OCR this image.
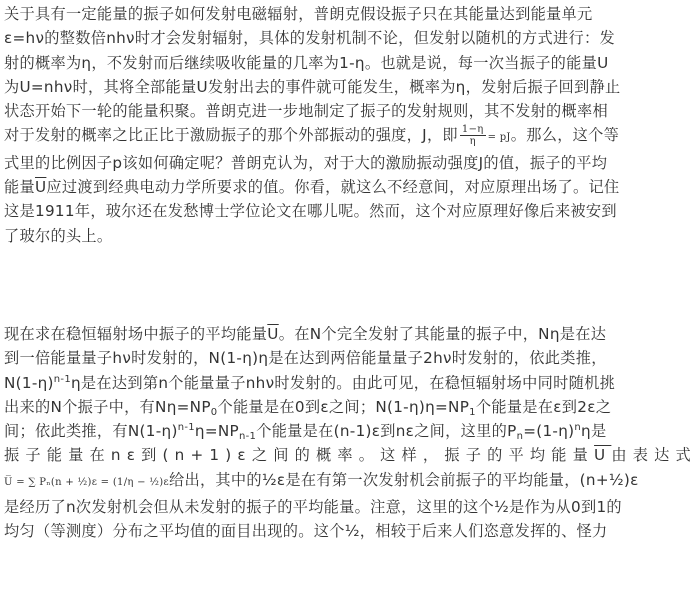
关于具有一定能量的振子如何发射电磁辐射，普朗克假设振子只在其能量达到能量单元

ε=hν的整数倍nhν时才会发射辐射，具体的发射机制不论，但发射以随机的方式进行：发

射的概率为η，不发射而后继续吸收能量的几率为1-η。也就是说，每一次当振子的能量U

为U=nhν时，其将全部能量U发射出去的事件就可能发生，概率为η，发射后振子回到静止

状态开始下一轮的能量积聚。普朗克进一步地制定了振子的发射规则，其不发射的概率相

对于发射的概率之比正比于激励振子的那个外部振动的强度，J，即 $\frac{1-\eta}{\eta}$ = pJ。那么，这个等

式里的比例因子p该如何确定呢？普朗克认为，对于大的激励振动强度J的值，振子的平均

能量$\overline{U}$应过渡到经典电动力学所要求的值。你看，就这么不经意间，对应原理出场了。记住

这是1911年，玻尔还在发愁博士学位论文在哪儿呢。然而，这个对应原理好像后来被安到

了玻尔的头上。

现在求在稳恒辐射场中振子的平均能量$\overline{U}$。在N个完全发射了其能量的振子中，Nη是在达

到一倍能量量子hν时发射的，N(1-η)η是在达到两倍能量量子2hν时发射的，依此类推，

$N(1-\eta)^{n-1}\eta$是在达到第n个能量量子nhν时发射的。由此可见，在稳恒辐射场中同时随机挑

出来的N个振子中，有$N\eta=NP_0$个能量是在0到ε之间；$N(1-\eta)\eta=NP_1$个能量是在ε到2ε之

间；依此类推，有$N(1-\eta)^{n-1}\eta=NP_{n-1}$个能量是在(n-1)ε到nε之间，这里的$P_n=(1-\eta)^n\eta$是

振子能量在nε到(n+1)ε之间的概率。这样，振子的平均能量$\overline{U}$由表达式

U̅ = ∑ Pₙ(n + ½)ε = (1/η − ½)ε给出，其中的½ε是在有第一次发射机会前振子的平均能量，(n+½)ε

是经历了n次发射机会但从未发射的振子的平均能量。注意，这里的这个½是作为从0到1的

均匀（等测度）分布之平均值的面目出现的。这个½，相较于后来人们恣意发挥的、怪力
